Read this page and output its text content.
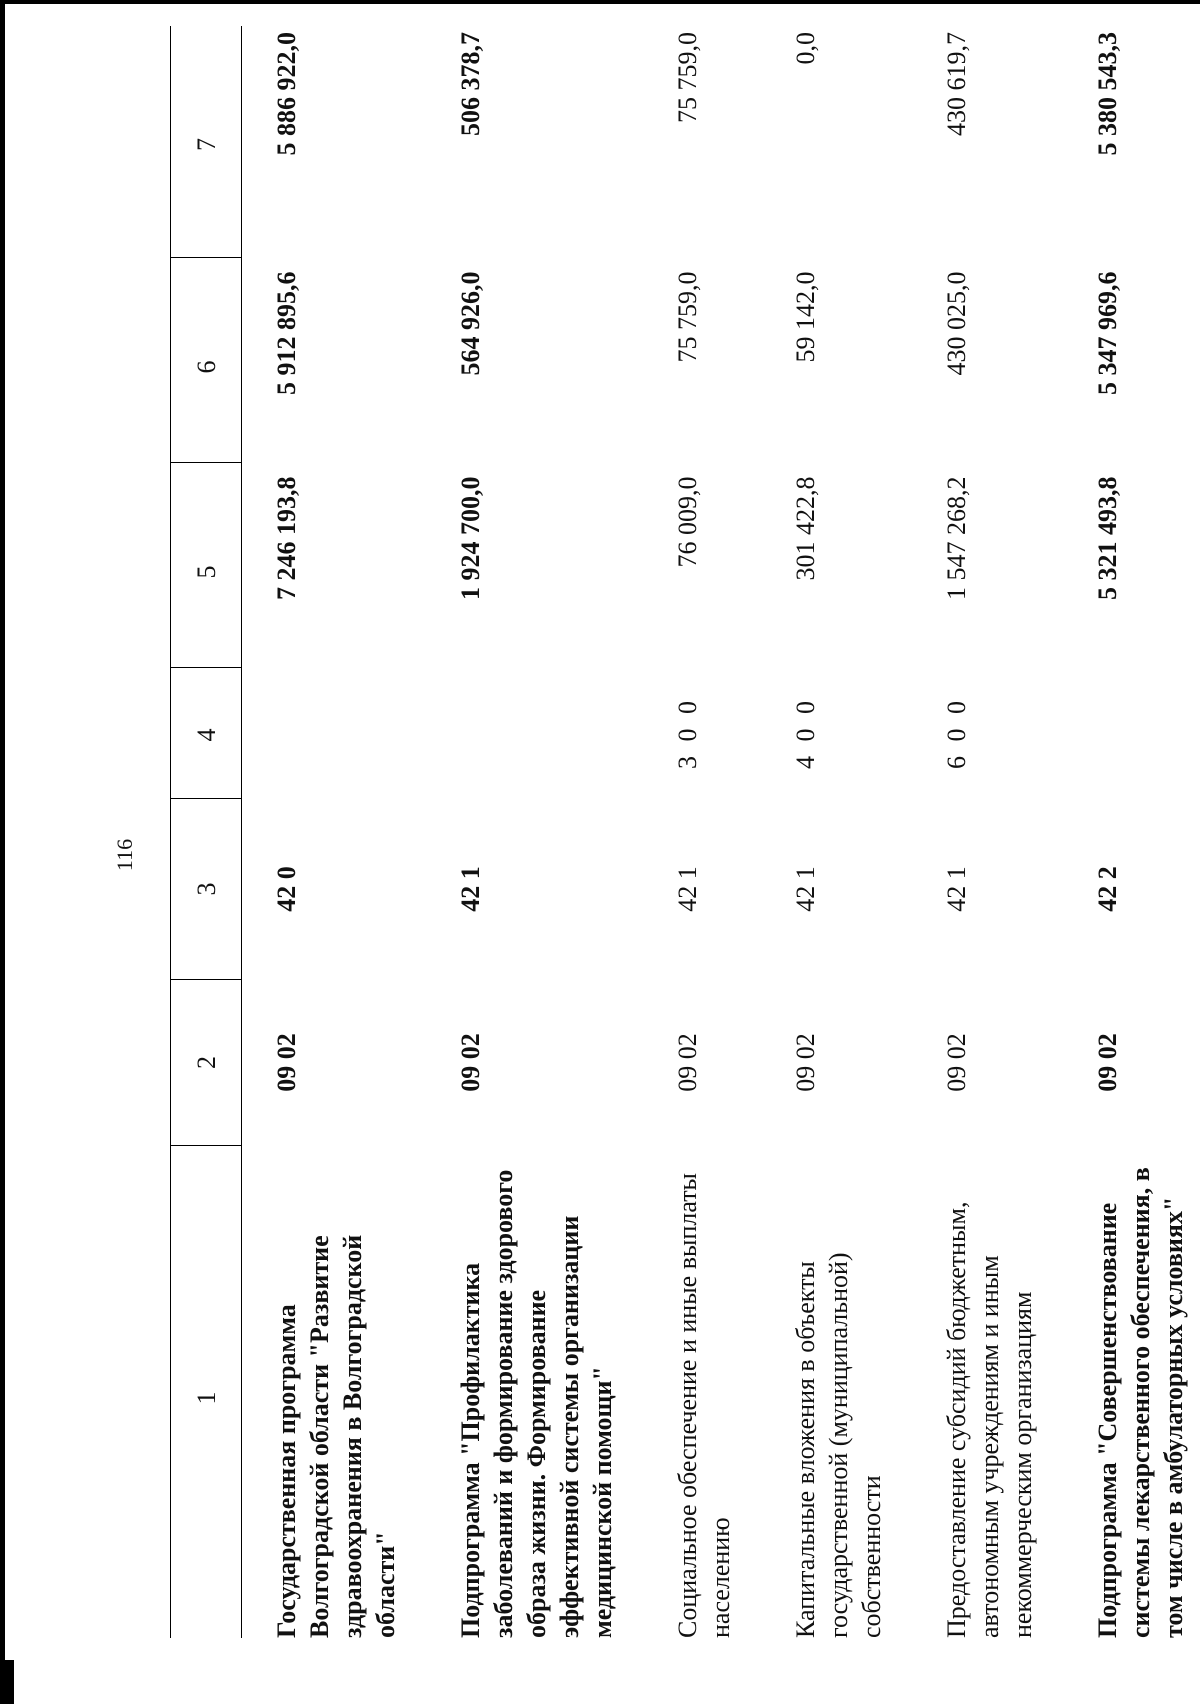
116
1	2	3	4	5	6	7
Государственная программа Волгоградской области "Развитие здравоохранения в Волгоградской области"	09 02	42 0		7 246 193,8	5 912 895,6	5 886 922,0
Подпрограмма "Профилактика заболеваний и формирование здорового образа жизни. Формирование эффективной системы организации медицинской помощи"	09 02	42 1		1 924 700,0	564 926,0	506 378,7
Социальное обеспечение и иные выплаты населению	09 02	42 1	3 0 0	76 009,0	75 759,0	75 759,0
Капитальные вложения в объекты государственной (муниципальной) собственности	09 02	42 1	4 0 0	301 422,8	59 142,0	0,0
Предоставление субсидий бюджетным, автономным учреждениям и иным некоммерческим организациям	09 02	42 1	6 0 0	1 547 268,2	430 025,0	430 619,7
Подпрограмма "Совершенствование системы лекарственного обеспечения, в том числе в амбулаторных условиях"	09 02	42 2		5 321 493,8	5 347 969,6	5 380 543,3
